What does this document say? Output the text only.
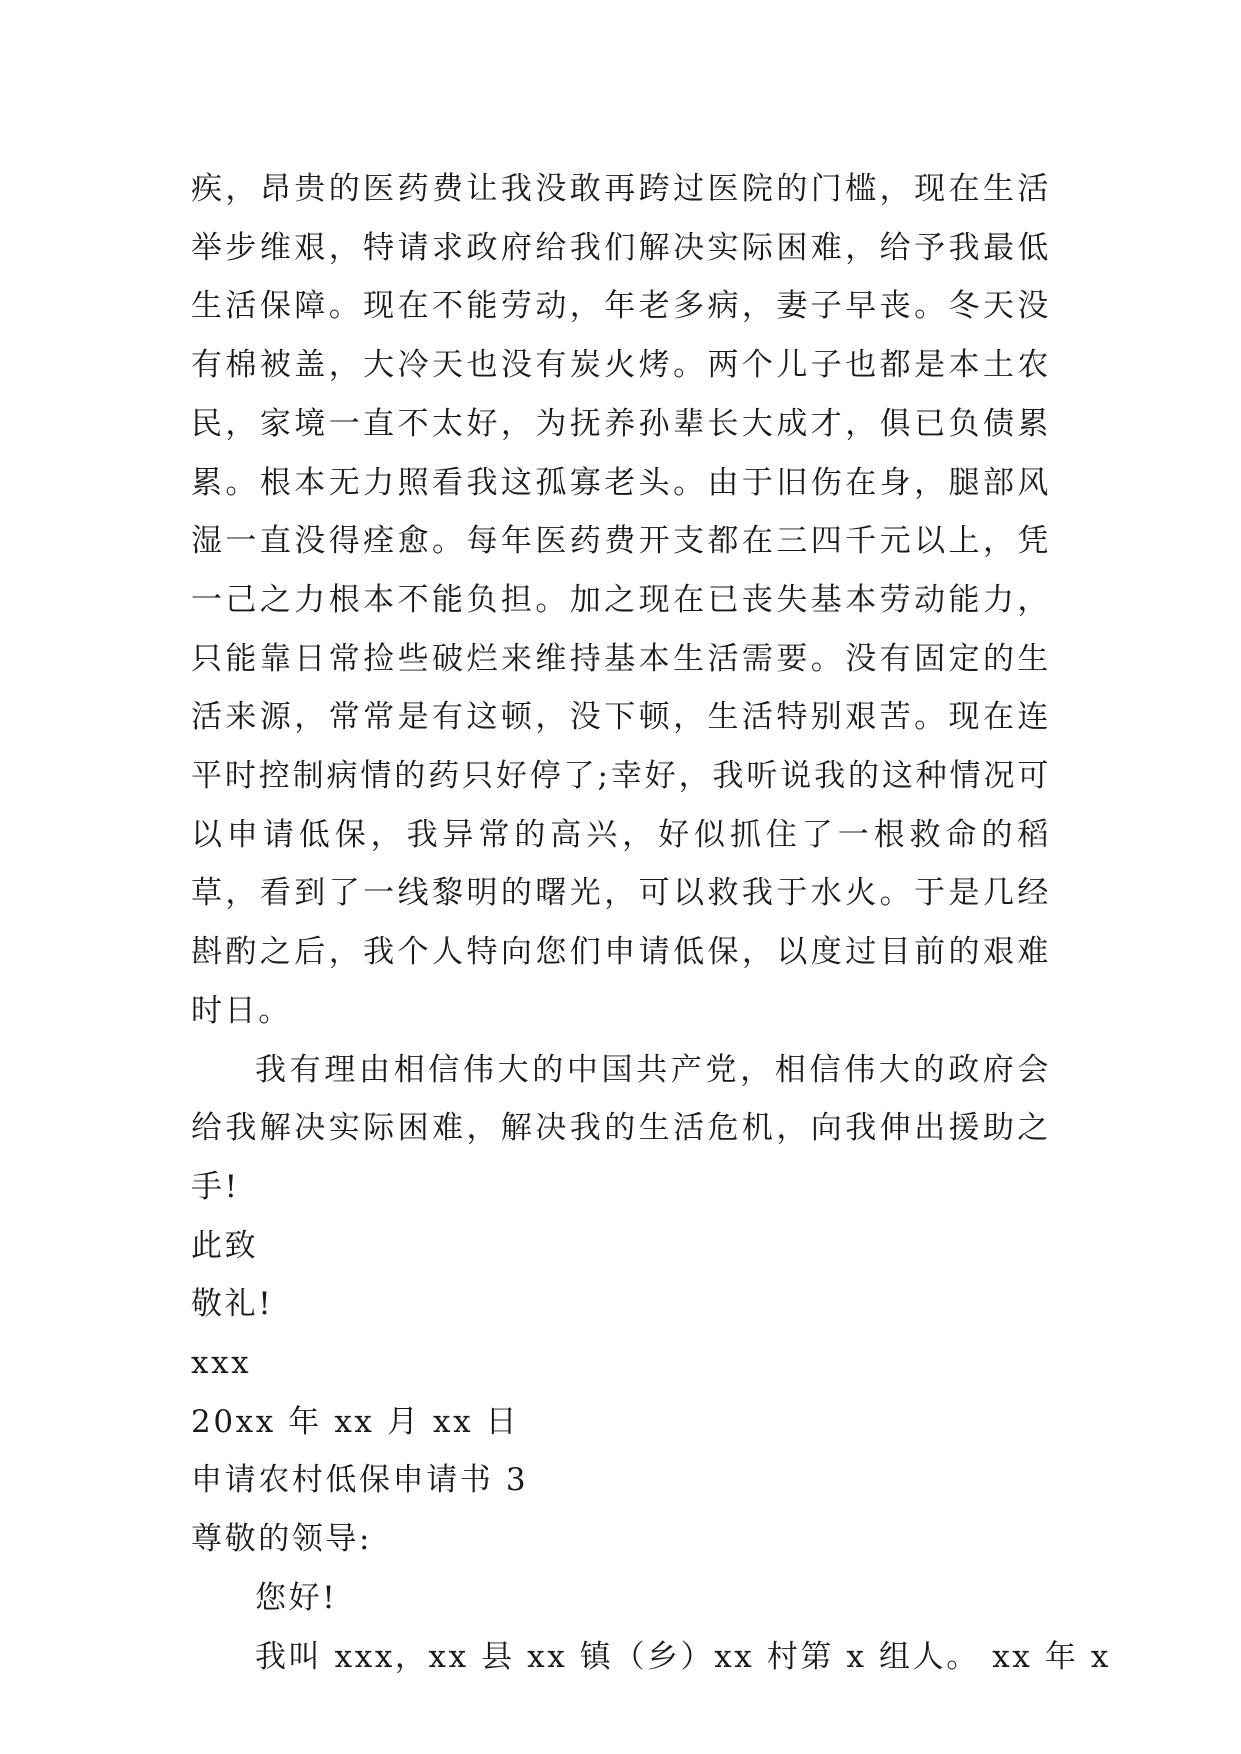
疾，昂贵的医药费让我没敢再跨过医院的门槛，现在生活举步维艰，特请求政府给我们解决实际困难，给予我最低生活保障。现在不能劳动，年老多病，妻子早丧。冬天没有棉被盖，大冷天也没有炭火烤。两个儿子也都是本土农民，家境一直不太好，为抚养孙辈长大成才，俱已负债累累。根本无力照看我这孤寡老头。由于旧伤在身，腿部风湿一直没得痊愈。每年医药费开支都在三四千元以上，凭一己之力根本不能负担。加之现在已丧失基本劳动能力，只能靠日常捡些破烂来维持基本生活需要。没有固定的生活来源，常常是有这顿，没下顿，生活特别艰苦。现在连平时控制病情的药只好停了;幸好，我听说我的这种情况可以申请低保，我异常的高兴，好似抓住了一根救命的稻草，看到了一线黎明的曙光，可以救我于水火。于是几经斟酌之后，我个人特向您们申请低保，以度过目前的艰难时日。

我有理由相信伟大的中国共产党，相信伟大的政府会给我解决实际困难，解决我的生活危机，向我伸出援助之手!

此致

敬礼!

xxx

20xx 年 xx 月 xx 日

申请农村低保申请书 3

尊敬的领导:

您好!

我叫 xxx，xx 县 xx 镇（乡）xx 村第 x 组人。 xx 年 x
